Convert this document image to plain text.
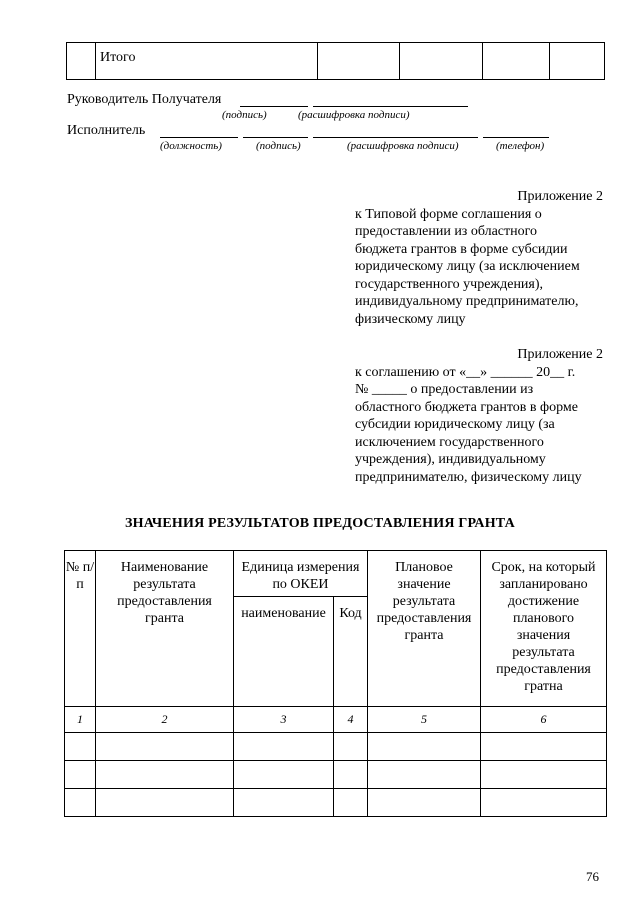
	Итого				
Руководитель Получателя
(подпись)	(расшифровка подписи)
Исполнитель
(должность)	(подпись)	(расшифровка подписи)	(телефон)
Приложение 2
к Типовой форме соглашения о
предоставлении из областного
бюджета грантов в форме субсидии
юридическому лицу (за исключением
государственного учреждения),
индивидуальному предпринимателю,
физическому лицу
Приложение 2
к соглашению от «__» ______ 20__ г.
№ _____ о предоставлении из
областного бюджета грантов в форме
субсидии юридическому лицу (за
исключением государственного
учреждения), индивидуальному
предпринимателю, физическому лицу
ЗНАЧЕНИЯ РЕЗУЛЬТАТОВ ПРЕДОСТАВЛЕНИЯ ГРАНТА
№ п/п	Наименование результата предоставления гранта	Единица измерения по ОКЕИ		Плановое значение результата предоставления гранта	Срок, на который запланировано достижение планового значения результата предоставления гратна
		наименование	Код		
1	2	3	4	5	6

76
